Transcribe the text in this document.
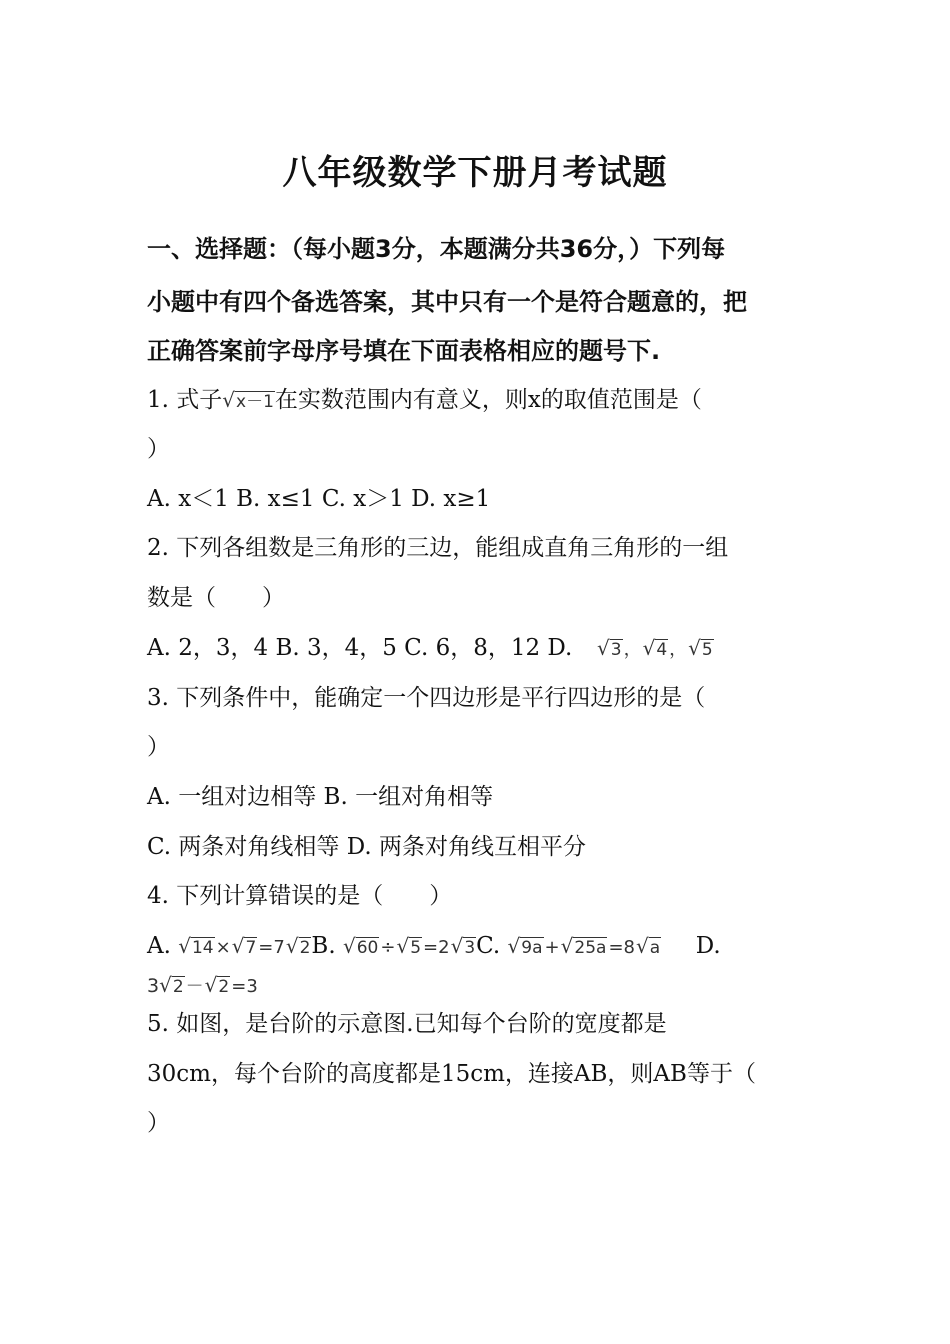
八年级数学下册月考试题
一、选择题：（每小题3分，本题满分共36分，）下列每
小题中有四个备选答案，其中只有一个是符合题意的，把
正确答案前字母序号填在下面表格相应的题号下.
1. 式子√x－1在实数范围内有意义，则x的取值范围是（
）
A. x＜1 B. x≤1 C. x＞1 D. x≥1
2. 下列各组数是三角形的三边，能组成直角三角形的一组
数是（　　）
A. 2，3，4 B. 3，4，5 C. 6，8，12 D. √3 ，√4 ，√5
3. 下列条件中，能确定一个四边形是平行四边形的是（
）
A. 一组对边相等 B. 一组对角相等
C. 两条对角线相等 D. 两条对角线互相平分
4. 下列计算错误的是（　　）
A. √14 ×√7 =7√2B. √60 ÷√5 =2√3C. √9a +√25a =8√a D.
3√2 －√2 =3
5. 如图，是台阶的示意图.已知每个台阶的宽度都是
30cm，每个台阶的高度都是15cm，连接AB，则AB等于（
）
